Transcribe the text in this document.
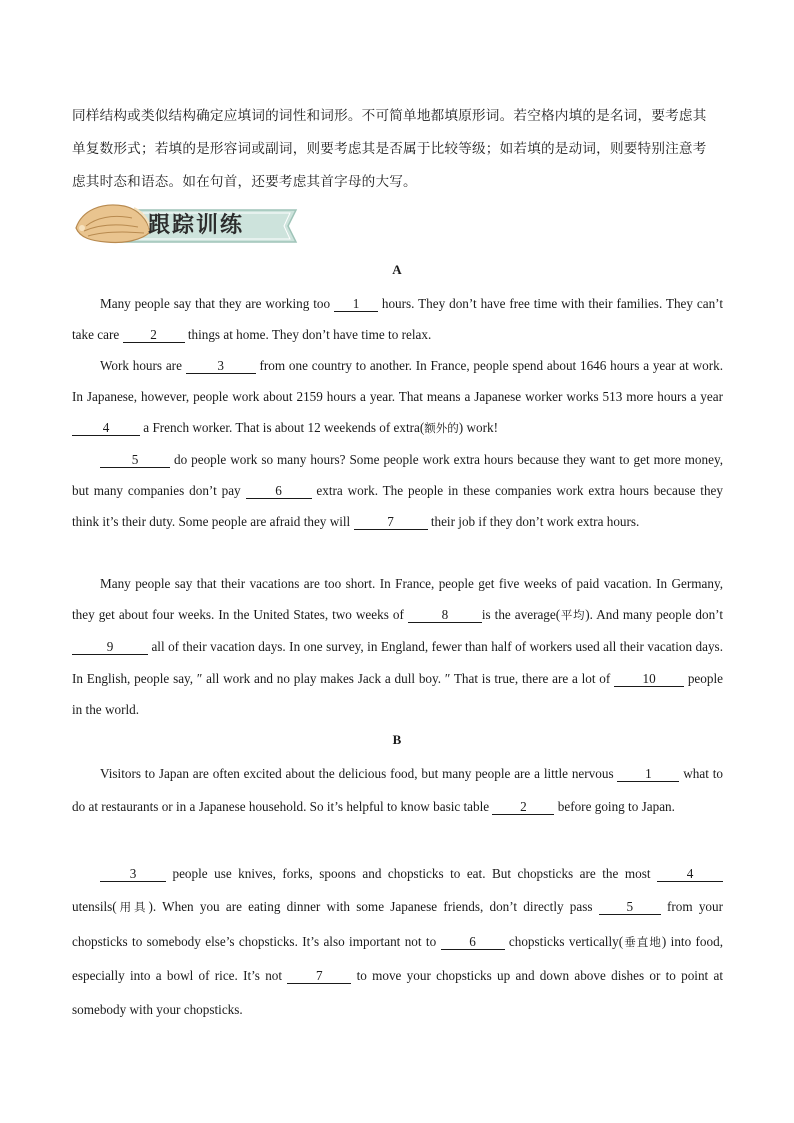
同样结构或类似结构确定应填词的词性和词形。不可简单地都填原形词。若空格内填的是名词，要考虑其
单复数形式；若填的是形容词或副词，则要考虑其是否属于比较等级；如若填的是动词，则要特别注意考
虑其时态和语态。如在句首，还要考虑其首字母的大写。
跟踪训练
A
Many people say that they are working too 1 hours. They don’t have free time with their families. They can’t take care 2 things at home. They don’t have time to relax.
Work hours are 3 from one country to another. In France, people spend about 1646 hours a year at work. In Japanese, however, people work about 2159 hours a year. That means a Japanese worker works 513 more hours a year 4 a French worker. That is about 12 weekends of extra(额外的) work!
5 do people work so many hours? Some people work extra hours because they want to get more money, but many companies don’t pay 6 extra work. The people in these companies work extra hours because they think it’s their duty. Some people are afraid they will	7	their job if they don’t work extra hours.
Many people say that their vacations are too short. In France, people get five weeks of paid vacation. In Germany, they get about four weeks. In the United States, two weeks of	8	is the average(平均). And many people don’t 9	all of their vacation days. In one survey, in England, fewer than half of workers used all their vacation days. In English, people say, ″ all work and no play makes Jack a dull boy. ″ That is true, there are a lot of 10 people in the world.
B
Visitors to Japan are often excited about the delicious food, but many people are a little nervous 1 what to do at restaurants or in a Japanese household. So it’s helpful to know basic table 2 before going to Japan.
3 people use knives, forks, spoons and chopsticks to eat. But chopsticks are the most 4 utensils(用具). When you are eating dinner with some Japanese friends, don’t directly pass 5 from your chopsticks to somebody else’s chopsticks. It’s also important not to 6 chopsticks vertically(垂直地) into food, especially into a bowl of rice. It’s not 7 to move your chopsticks up and down above dishes or to point at somebody with your chopsticks.
